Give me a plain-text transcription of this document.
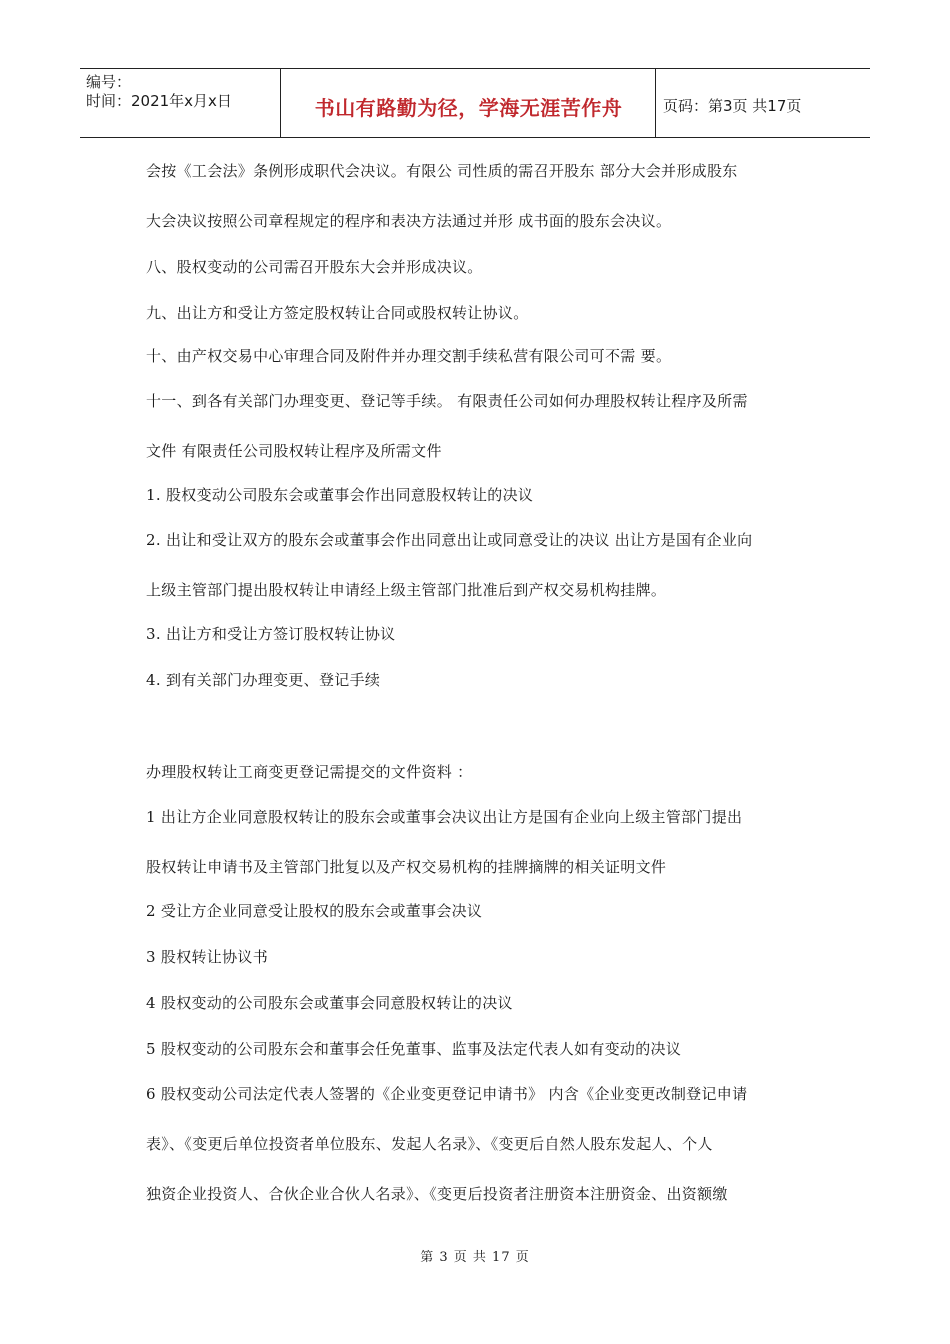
编号：
时间：2021年x月x日	书山有路勤为径，学海无涯苦作舟	页码：第3页 共17页
会按《工会法》条例形成职代会决议。有限公 司性质的需召开股东 部分大会并形成股东
大会决议按照公司章程规定的程序和表决方法通过并形 成书面的股东会决议。
八、股权变动的公司需召开股东大会并形成决议。
九、出让方和受让方签定股权转让合同或股权转让协议。
十、由产权交易中心审理合同及附件并办理交割手续私营有限公司可不需 要。
十一、到各有关部门办理变更、登记等手续。 有限责任公司如何办理股权转让程序及所需
文件 有限责任公司股权转让程序及所需文件
1. 股权变动公司股东会或董事会作出同意股权转让的决议
2. 出让和受让双方的股东会或董事会作出同意出让或同意受让的决议 出让方是国有企业向
上级主管部门提出股权转让申请经上级主管部门批准后到产权交易机构挂牌。
3. 出让方和受让方签订股权转让协议
4. 到有关部门办理变更、登记手续
办理股权转让工商变更登记需提交的文件资料 ：
1 出让方企业同意股权转让的股东会或董事会决议出让方是国有企业向上级主管部门提出
股权转让申请书及主管部门批复以及产权交易机构的挂牌摘牌的相关证明文件
2 受让方企业同意受让股权的股东会或董事会决议
3 股权转让协议书
4 股权变动的公司股东会或董事会同意股权转让的决议
5 股权变动的公司股东会和董事会任免董事、监事及法定代表人如有变动的决议
6 股权变动公司法定代表人签署的《企业变更登记申请书》 内含《企业变更改制登记申请
表》、《变更后单位投资者单位股东、发起人名录》、《变更后自然人股东发起人、个人
独资企业投资人、合伙企业合伙人名录》、《变更后投资者注册资本注册资金、出资额缴
第 3 页 共 17 页
